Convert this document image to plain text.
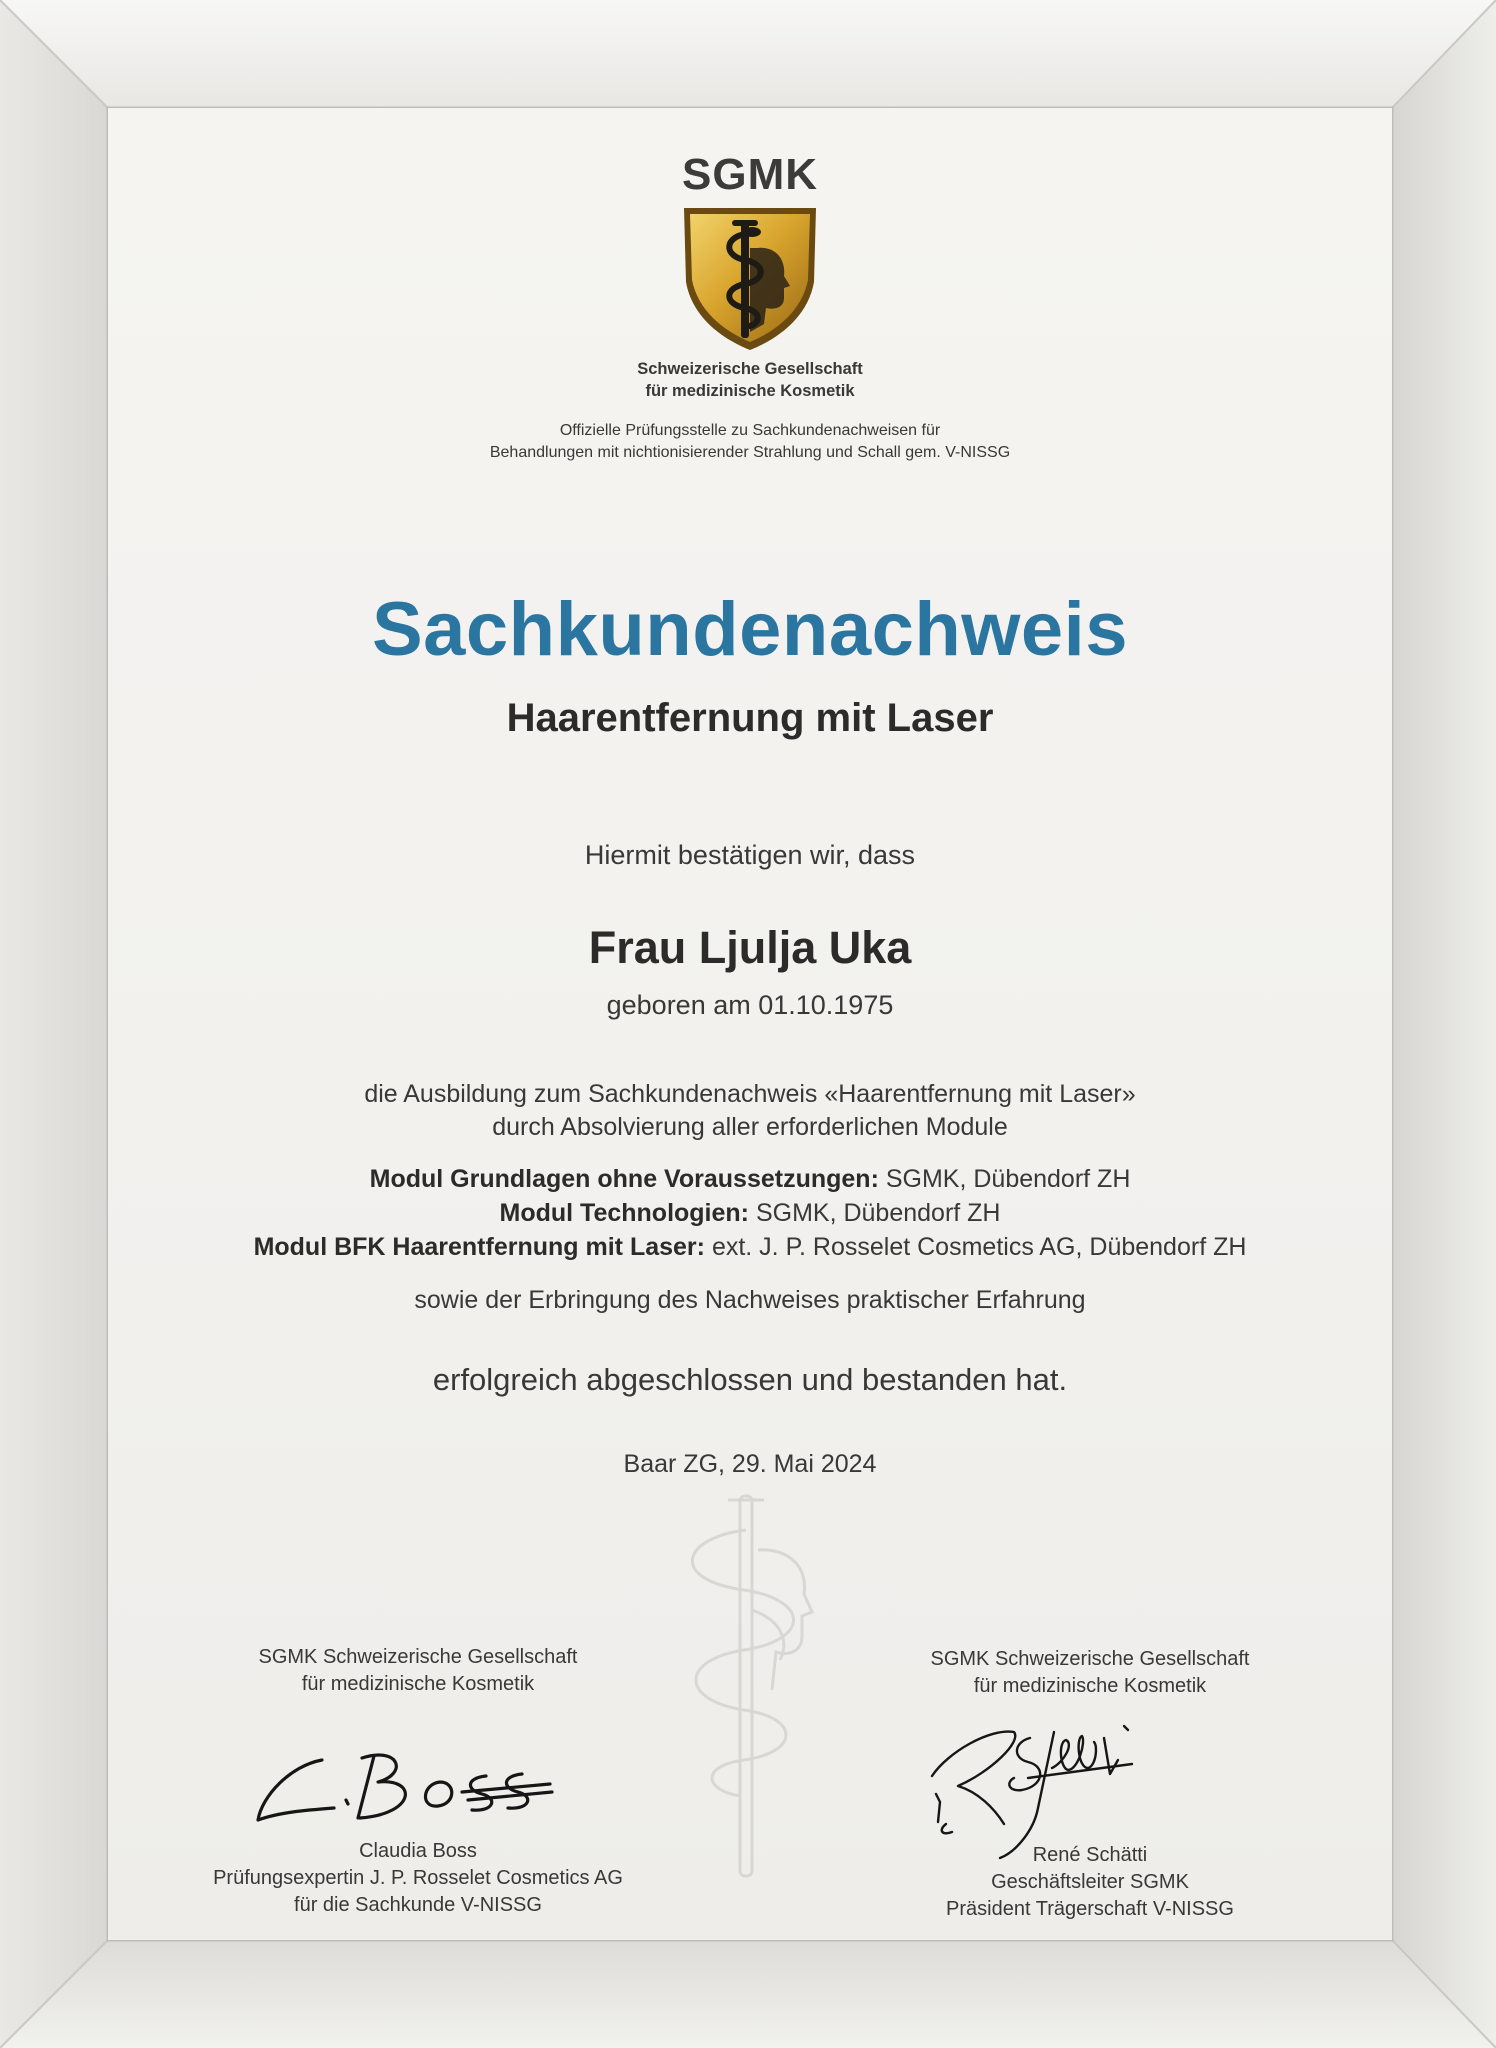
SGMK
Schweizerische Gesellschaft
für medizinische Kosmetik
Offizielle Prüfungsstelle zu Sachkundenachweisen für
Behandlungen mit nichtionisierender Strahlung und Schall gem. V-NISSG
Sachkundenachweis
Haarentfernung mit Laser
Hiermit bestätigen wir, dass
Frau Ljulja Uka
geboren am 01.10.1975
die Ausbildung zum Sachkundenachweis «Haarentfernung mit Laser»
durch Absolvierung aller erforderlichen Module
Modul Grundlagen ohne Voraussetzungen: SGMK, Dübendorf ZH
Modul Technologien: SGMK, Dübendorf ZH
Modul BFK Haarentfernung mit Laser: ext. J. P. Rosselet Cosmetics AG, Dübendorf ZH
sowie der Erbringung des Nachweises praktischer Erfahrung
erfolgreich abgeschlossen und bestanden hat.
Baar ZG, 29. Mai 2024
SGMK Schweizerische Gesellschaft
für medizinische Kosmetik
Claudia Boss
Prüfungsexpertin J. P. Rosselet Cosmetics AG
für die Sachkunde V-NISSG
SGMK Schweizerische Gesellschaft
für medizinische Kosmetik
René Schätti
Geschäftsleiter SGMK
Präsident Trägerschaft V-NISSG
